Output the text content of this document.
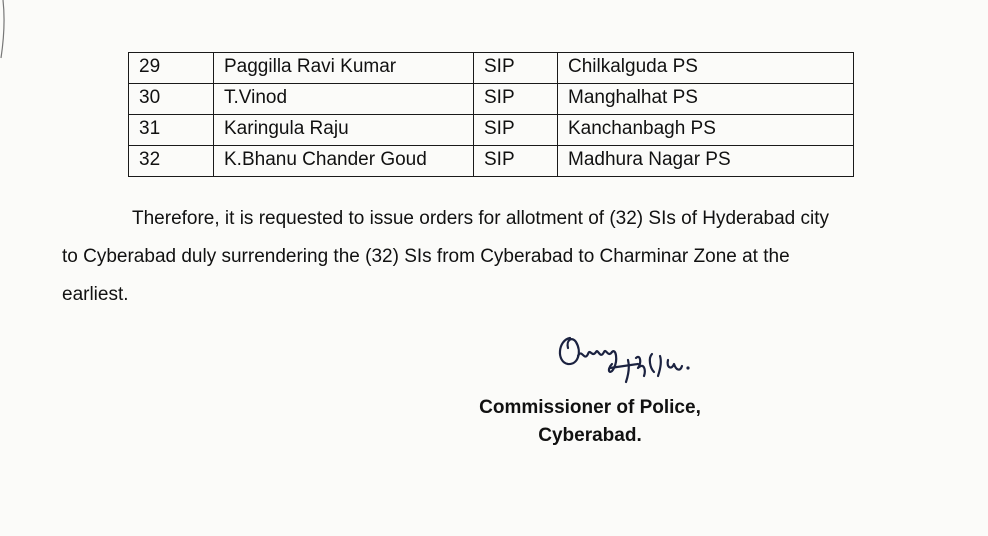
29	Paggilla Ravi Kumar	SIP	Chilkalguda PS
30	T.Vinod	SIP	Manghalhat PS
31	Karingula Raju	SIP	Kanchanbagh PS
32	K.Bhanu Chander Goud	SIP	Madhura Nagar PS

Therefore, it is requested to issue orders for allotment of (32) SIs of Hyderabad city
to Cyberabad duly surrendering the (32) SIs from Cyberabad to Charminar Zone at the
earliest.

Commissioner of Police,
Cyberabad.
